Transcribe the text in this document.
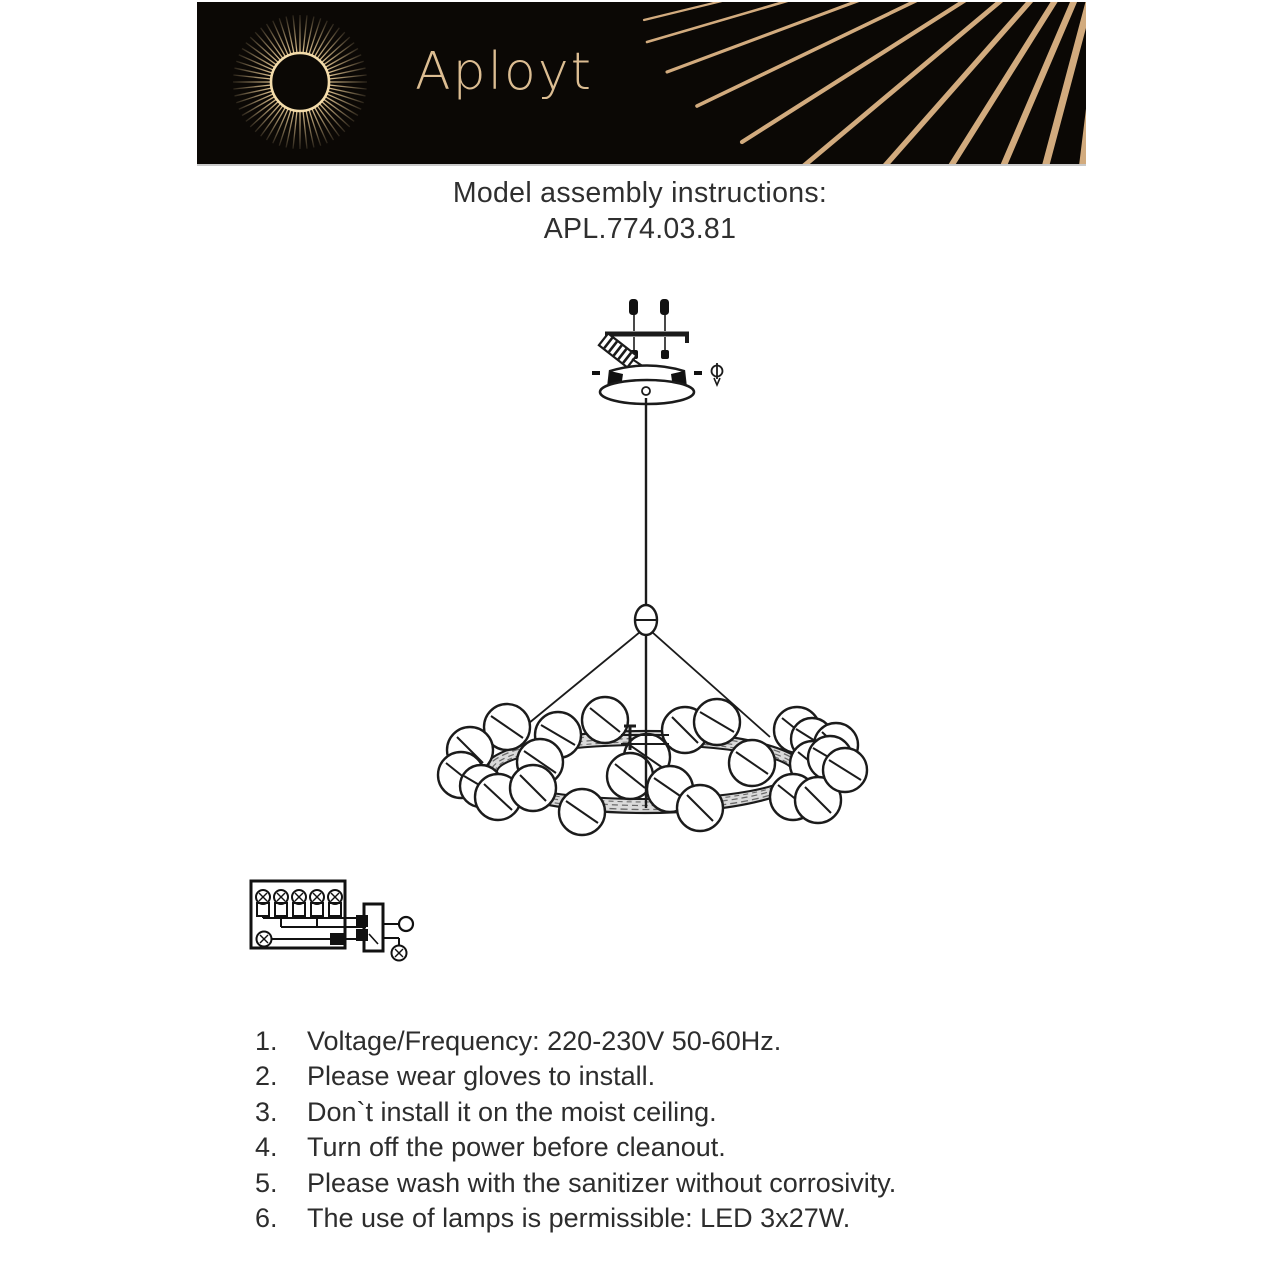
Aployt
Model assembly instructions:
APL.774.03.81
1.	Voltage/Frequency: 220-230V 50-60Hz.
2.	Please wear gloves to install.
3.	Don`t install it on the moist ceiling.
4.	Turn off the power before cleanout.
5.	Please wash with the sanitizer without corrosivity.
6.	The use of lamps is permissible: LED 3x27W.
